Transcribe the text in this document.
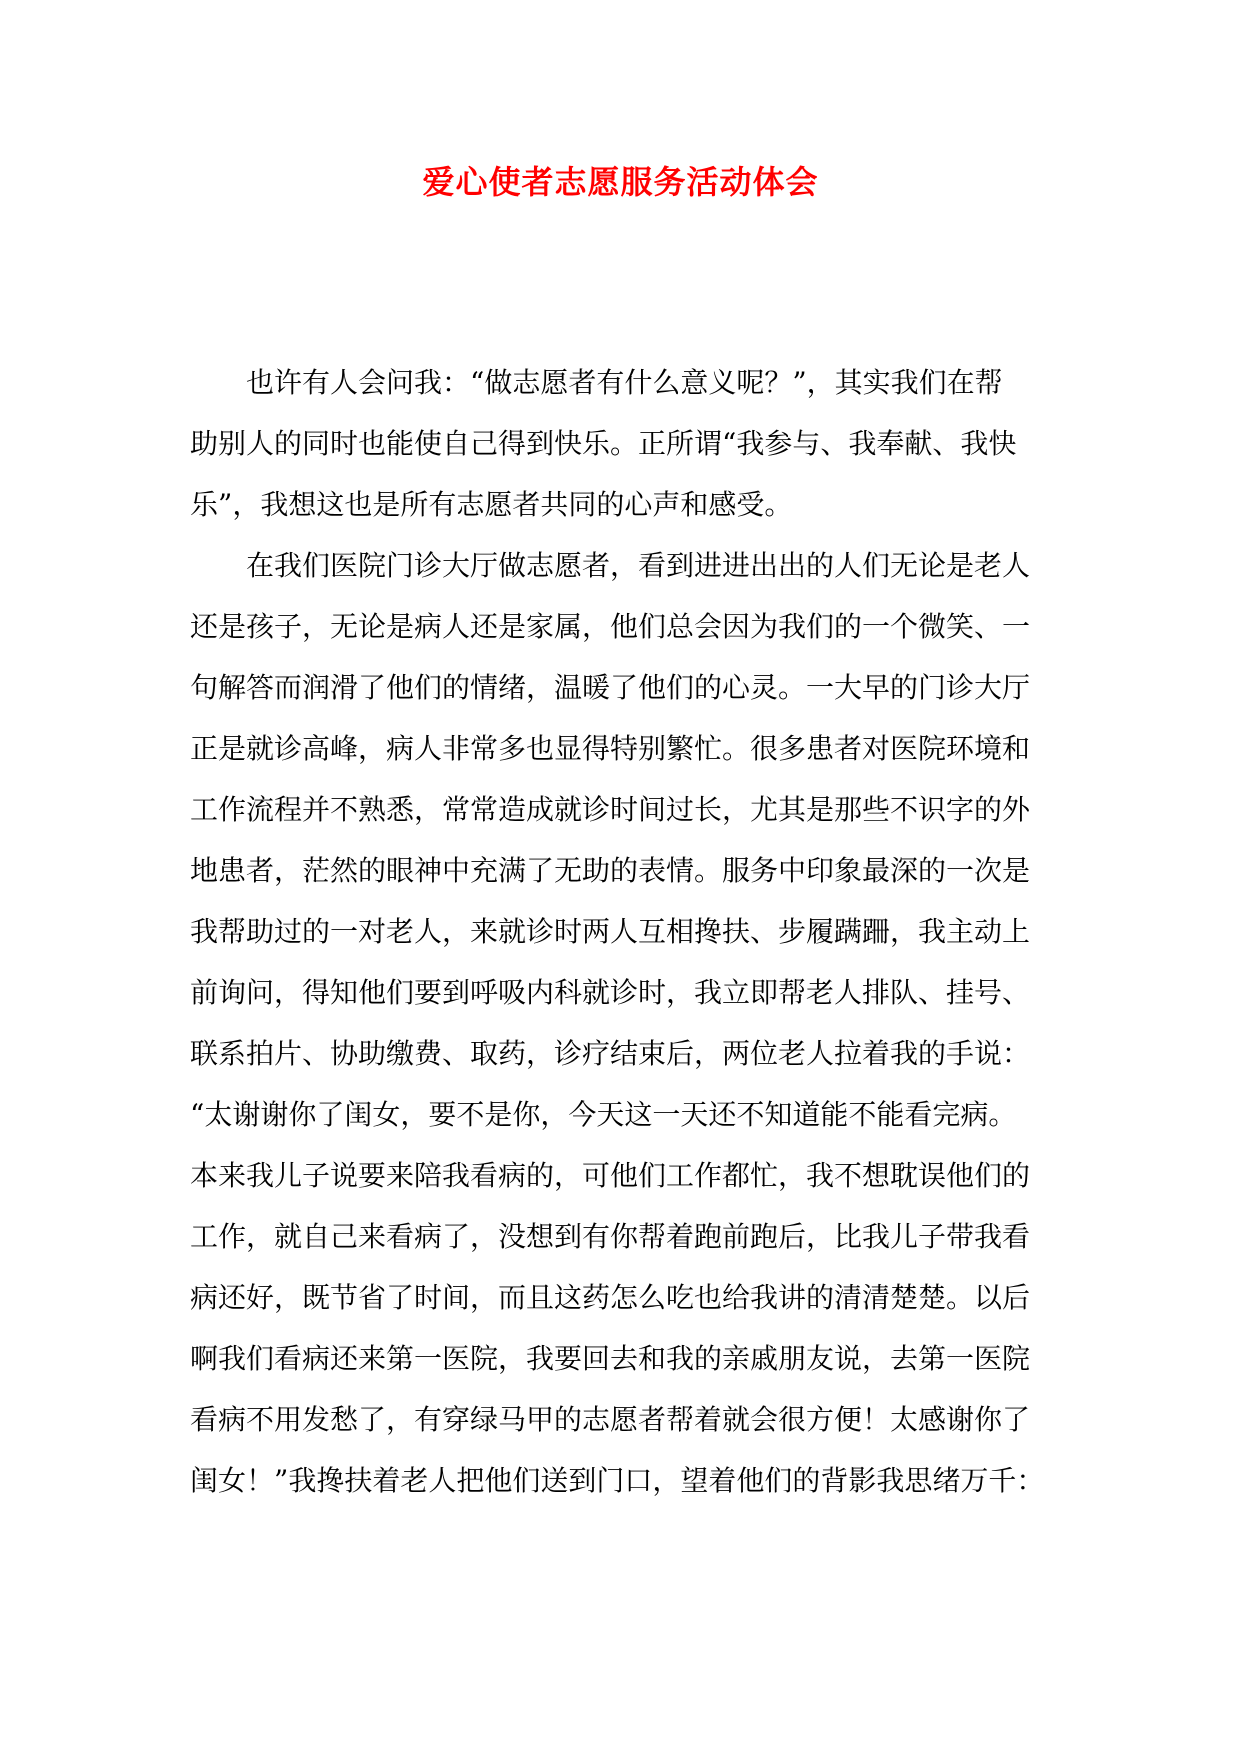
爱心使者志愿服务活动体会
也许有人会问我：“做志愿者有什么意义呢？”，其实我们在帮
助别人的同时也能使自己得到快乐。正所谓“我参与、我奉献、我快
乐”，我想这也是所有志愿者共同的心声和感受。
在我们医院门诊大厅做志愿者，看到进进出出的人们无论是老人
还是孩子，无论是病人还是家属，他们总会因为我们的一个微笑、一
句解答而润滑了他们的情绪，温暖了他们的心灵。一大早的门诊大厅
正是就诊高峰，病人非常多也显得特别繁忙。很多患者对医院环境和
工作流程并不熟悉，常常造成就诊时间过长，尤其是那些不识字的外
地患者，茫然的眼神中充满了无助的表情。服务中印象最深的一次是
我帮助过的一对老人，来就诊时两人互相搀扶、步履蹒跚，我主动上
前询问，得知他们要到呼吸内科就诊时，我立即帮老人排队、挂号、
联系拍片、协助缴费、取药，诊疗结束后，两位老人拉着我的手说：
“太谢谢你了闺女，要不是你，今天这一天还不知道能不能看完病。
本来我儿子说要来陪我看病的，可他们工作都忙，我不想耽误他们的
工作，就自己来看病了，没想到有你帮着跑前跑后，比我儿子带我看
病还好，既节省了时间，而且这药怎么吃也给我讲的清清楚楚。以后
啊我们看病还来第一医院，我要回去和我的亲戚朋友说，去第一医院
看病不用发愁了，有穿绿马甲的志愿者帮着就会很方便！太感谢你了
闺女！”我搀扶着老人把他们送到门口，望着他们的背影我思绪万千：
